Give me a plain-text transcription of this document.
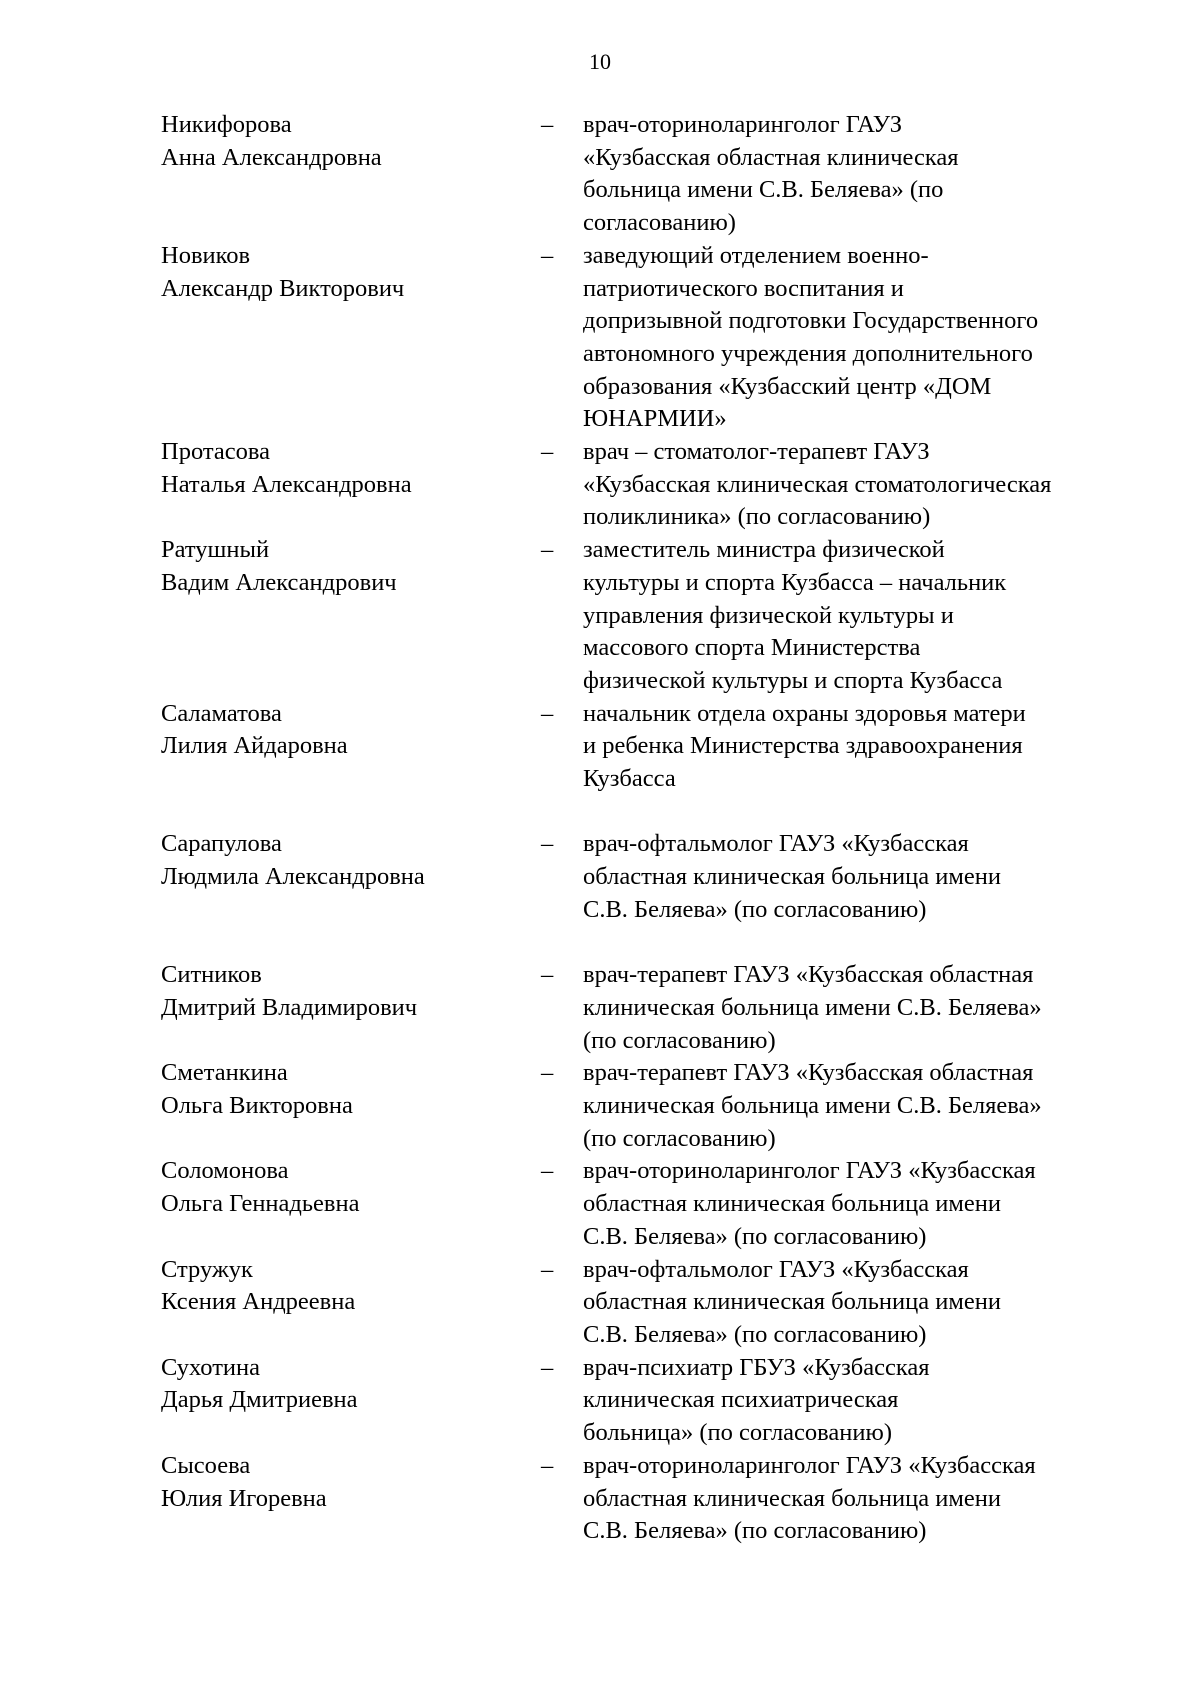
10
Никифорова
Анна Александровна
–	врач-оториноларинголог ГАУЗ
«Кузбасская областная клиническая
больница имени С.В. Беляева» (по
согласованию)
Новиков
Александр Викторович
–	заведующий отделением военно-
патриотического воспитания и
допризывной подготовки Государственного
автономного учреждения дополнительного
образования «Кузбасский центр «ДОМ
ЮНАРМИИ»
Протасова
Наталья Александровна
–	врач – стоматолог-терапевт ГАУЗ
«Кузбасская клиническая стоматологическая
поликлиника» (по согласованию)
Ратушный
Вадим Александрович
–	заместитель министра физической
культуры и спорта Кузбасса – начальник
управления физической культуры и
массового спорта Министерства
физической культуры и спорта Кузбасса
Саламатова
Лилия Айдаровна
–	начальник отдела охраны здоровья матери
и ребенка Министерства здравоохранения
Кузбасса
Сарапулова
Людмила Александровна
–	врач-офтальмолог ГАУЗ «Кузбасская
областная клиническая больница имени
С.В. Беляева» (по согласованию)
Ситников
Дмитрий Владимирович
–	врач-терапевт ГАУЗ «Кузбасская областная
клиническая больница имени С.В. Беляева»
(по согласованию)
Сметанкина
Ольга Викторовна
–	врач-терапевт ГАУЗ «Кузбасская областная
клиническая больница имени С.В. Беляева»
(по согласованию)
Соломонова
Ольга Геннадьевна
–	врач-оториноларинголог ГАУЗ «Кузбасская
областная клиническая больница имени
С.В. Беляева» (по согласованию)
Стружук
Ксения Андреевна
–	врач-офтальмолог ГАУЗ «Кузбасская
областная клиническая больница имени
С.В. Беляева» (по согласованию)
Сухотина
Дарья Дмитриевна
–	врач-психиатр ГБУЗ «Кузбасская
клиническая психиатрическая
больница» (по согласованию)
Сысоева
Юлия Игоревна
–	врач-оториноларинголог ГАУЗ «Кузбасская
областная клиническая больница имени
С.В. Беляева» (по согласованию)
